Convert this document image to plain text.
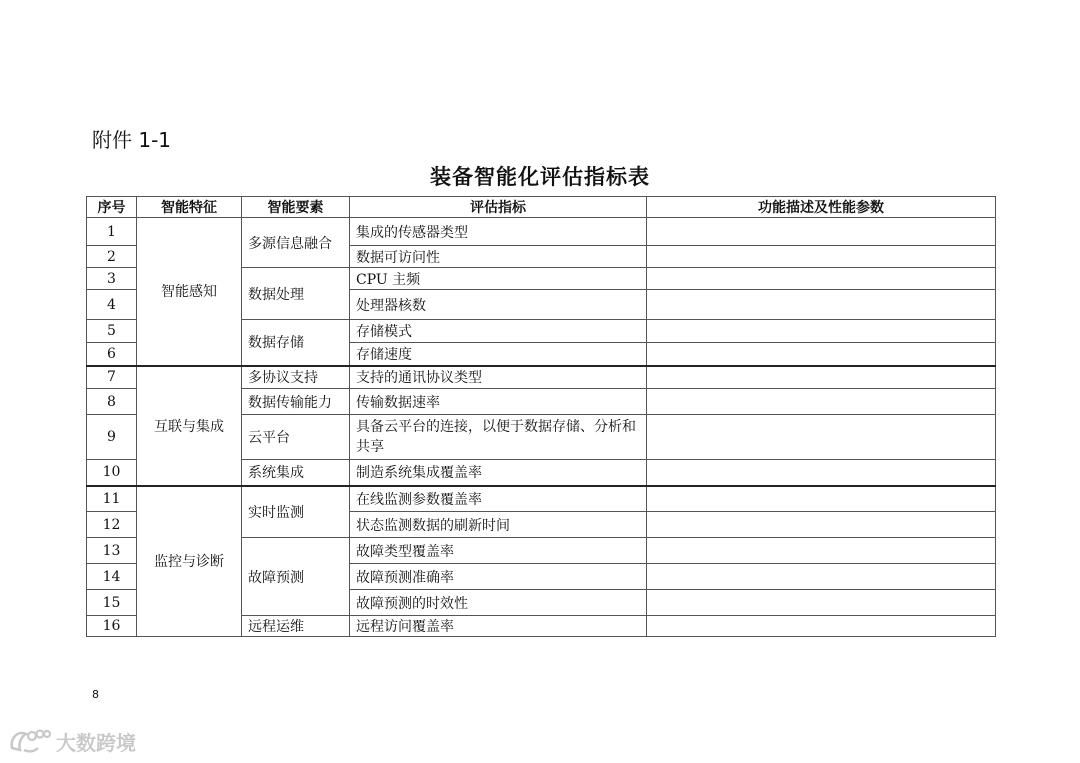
附件 1-1
装备智能化评估指标表
序号	智能特征	智能要素	评估指标	功能描述及性能参数
1	智能感知	多源信息融合	集成的传感器类型	
2			数据可访问性	
3		数据处理	CPU 主频	
4			处理器核数	
5		数据存储	存储模式	
6			存储速度	
7	互联与集成	多协议支持	支持的通讯协议类型	
8		数据传输能力	传输数据速率	
9		云平台	具备云平台的连接，以便于数据存储、分析和共享	
10		系统集成	制造系统集成覆盖率	
11	监控与诊断	实时监测	在线监测参数覆盖率	
12			状态监测数据的刷新时间	
13		故障预测	故障类型覆盖率	
14			故障预测准确率	
15			故障预测的时效性	
16		远程运维	远程访问覆盖率	
8
大数跨境
